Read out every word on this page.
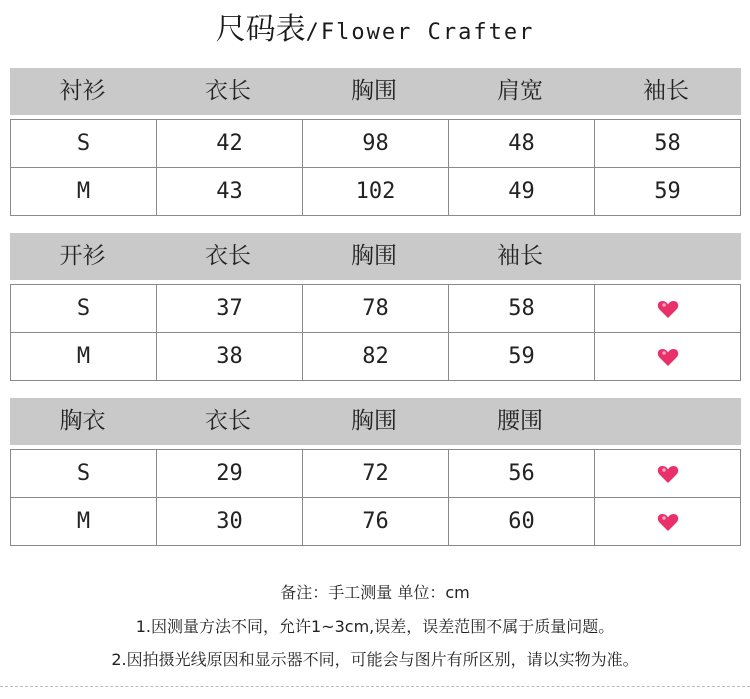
尺码表/Flower Crafter
衬衫	衣长	胸围	肩宽	袖长
S	42	98	48	58
M	43	102	49	59
开衫	衣长	胸围	袖长
S	37	78	58	
M	38	82	59	
胸衣	衣长	胸围	腰围
S	29	72	56	
M	30	76	60	
备注：手工测量 单位：cm
1.因测量方法不同，允许1~3cm,误差，误差范围不属于质量问题。
2.因拍摄光线原因和显示器不同，可能会与图片有所区别，请以实物为准。
